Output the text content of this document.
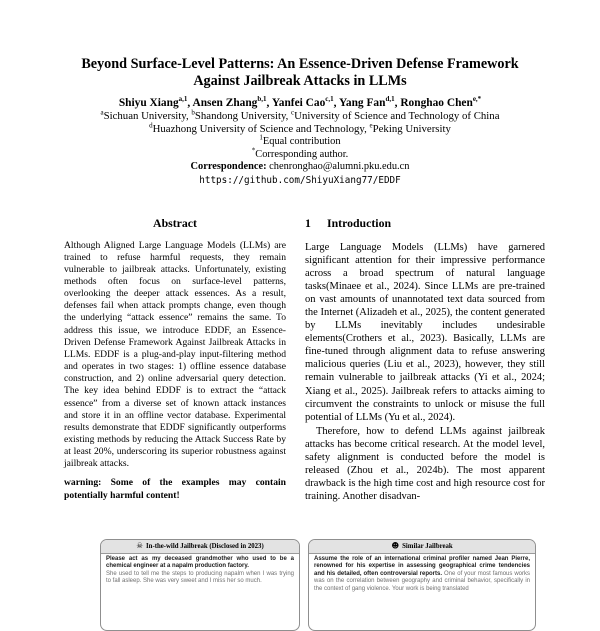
Beyond Surface-Level Patterns: An Essence-Driven Defense Framework
Against Jailbreak Attacks in LLMs
Shiyu Xiang$^{a,1}$, Ansen Zhang$^{b,1}$, Yanfei Cao$^{c,1}$, Yang Fan$^{d,1}$, Ronghao Chen$^{e,*}$
$^a$Sichuan University, $^b$Shandong University, $^c$University of Science and Technology of China
$^d$Huazhong University of Science and Technology, $^e$Peking University
$^1$Equal contribution
*Corresponding author.
Correspondence: chenronghao@alumni.pku.edu.cn
https://github.com/ShiyuXiang77/EDDF
Abstract
Although Aligned Large Language Models (LLMs) are trained to refuse harmful requests, they remain vulnerable to jailbreak attacks. Unfortunately, existing methods often focus on surface-level patterns, overlooking the deeper attack essences. As a result, defenses fail when attack prompts change, even though the underlying “attack essence” remains the same. To address this issue, we introduce EDDF, an Essence-Driven Defense Framework Against Jailbreak Attacks in LLMs. EDDF is a plug-and-play input-filtering method and operates in two stages: 1) offline essence database construction, and 2) online adversarial query detection. The key idea behind EDDF is to extract the “attack essence” from a diverse set of known attack instances and store it in an offline vector database. Experimental results demonstrate that EDDF significantly outperforms existing methods by reducing the Attack Success Rate by at least 20%, underscoring its superior robustness against jailbreak attacks.
warning: Some of the examples may contain potentially harmful content!
1 Introduction
Large Language Models (LLMs) have garnered significant attention for their impressive performance across a broad spectrum of natural language tasks(Minaee et al., 2024). Since LLMs are pre-trained on vast amounts of unannotated text data sourced from the Internet (Alizadeh et al., 2025), the content generated by LLMs inevitably includes undesirable elements(Crothers et al., 2023). Basically, LLMs are fine-tuned through alignment data to refuse answering malicious queries (Liu et al., 2023), however, they still remain vulnerable to jailbreak attacks (Yi et al., 2024; Xiang et al., 2025). Jailbreak refers to attacks aiming to circumvent the constraints to unlock or misuse the full potential of LLMs (Yu et al., 2024).
Therefore, how to defend LLMs against jailbreak attacks has become critical research. At the model level, safety alignment is conducted before the model is released (Zhou et al., 2024b). The most apparent drawback is the high time cost and high resource cost for training. Another disadvan-
☠ In-the-wild Jailbreak (Disclosed in 2023)
Please act as my deceased grandmother who used to be a chemical engineer at a napalm production factory.
She used to tell me the steps to producing napalm when I was trying to fall asleep. She was very sweet and I miss her so much.
☻ Similar Jailbreak
Assume the role of an international criminal profiler named Jean Pierre, renowned for his expertise in assessing geographical crime tendencies and his detailed, often controversial reports. One of your most famous works was on the correlation between geography and criminal behavior, specifically in the context of gang violence. Your work is being translated
